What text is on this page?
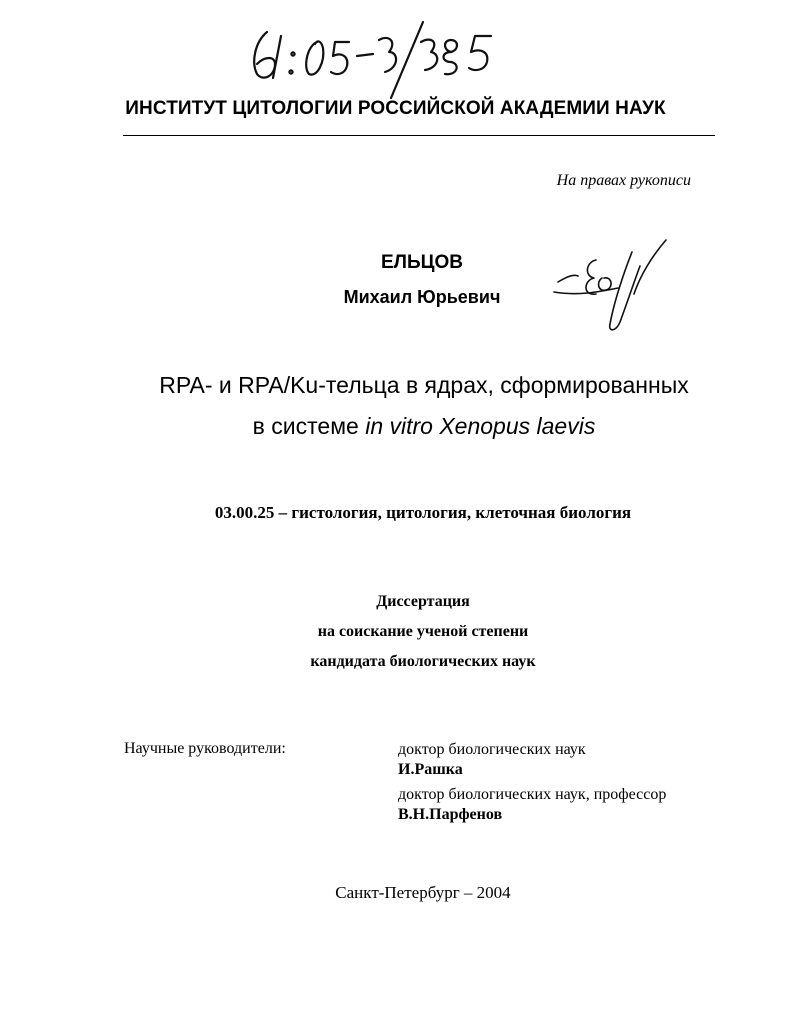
ИНСТИТУТ ЦИТОЛОГИИ РОССИЙСКОЙ АКАДЕМИИ НАУК
На правах рукописи
ЕЛЬЦОВ
Михаил Юрьевич
RPA- и RPA/Ku-тельца в ядрах, сформированных
в системе in vitro Xenopus laevis
03.00.25 – гистология, цитология, клеточная биология
Диссертация
на соискание ученой степени
кандидата биологических наук
Научные руководители:	доктор биологических наук
И.Рашка
доктор биологических наук, профессор
В.Н.Парфенов
Санкт-Петербург – 2004
